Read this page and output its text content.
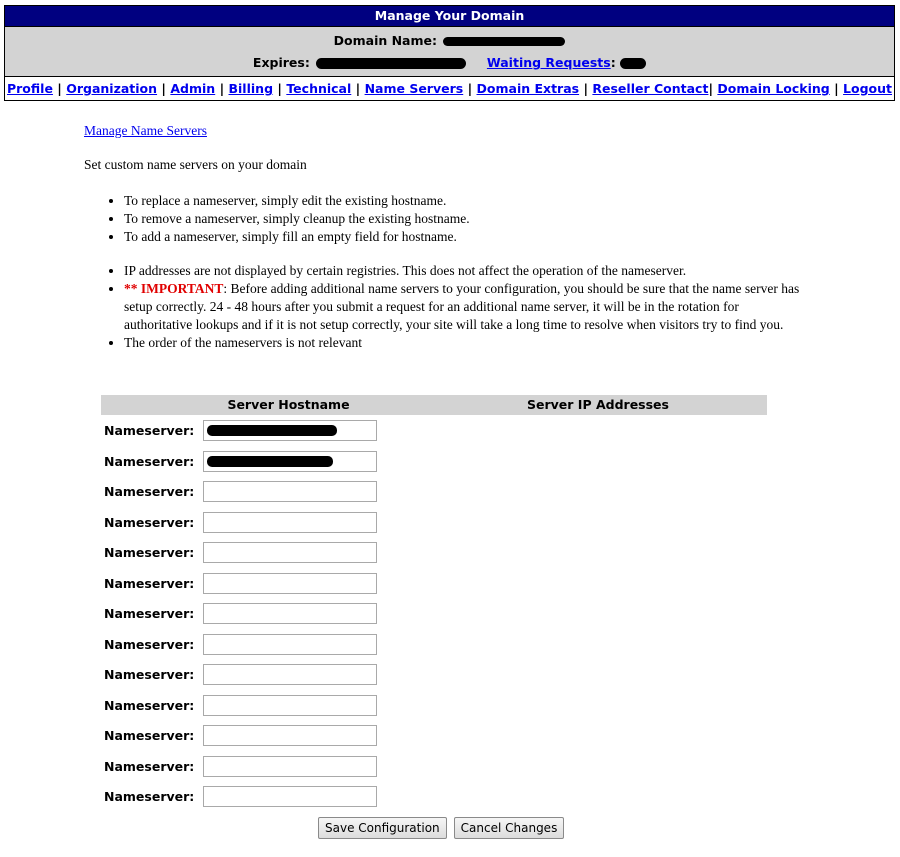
Manage Your Domain
Domain Name:
Expires:	Waiting Requests:
Profile | Organization | Admin | Billing | Technical | Name Servers | Domain Extras | Reseller Contact| Domain Locking | Logout
Manage Name Servers
Set custom name servers on your domain
• To replace a nameserver, simply edit the existing hostname.
• To remove a nameserver, simply cleanup the existing hostname.
• To add a nameserver, simply fill an empty field for hostname.
• IP addresses are not displayed by certain registries. This does not affect the operation of the nameserver.
• ** IMPORTANT: Before adding additional name servers to your configuration, you should be sure that the name server has setup correctly. 24 - 48 hours after you submit a request for an additional name server, it will be in the rotation for authoritative lookups and if it is not setup correctly, your site will take a long time to resolve when visitors try to find you.
• The order of the nameservers is not relevant
Server Hostname	Server IP Addresses
Nameserver:
Nameserver:
Nameserver:
Nameserver:
Nameserver:
Nameserver:
Nameserver:
Nameserver:
Nameserver:
Nameserver:
Nameserver:
Nameserver:
Nameserver:
Save Configuration	Cancel Changes
